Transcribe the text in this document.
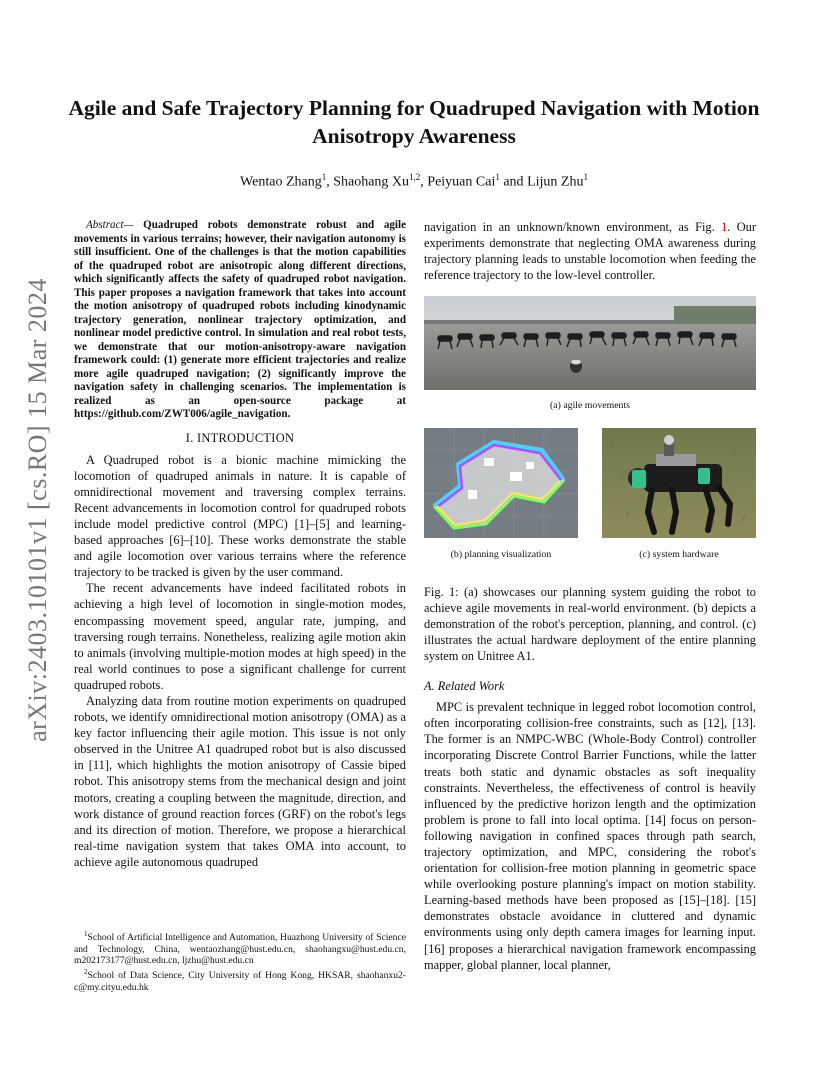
arXiv:2403.10101v1 [cs.RO] 15 Mar 2024
Agile and Safe Trajectory Planning for Quadruped Navigation with Motion Anisotropy Awareness

Wentao Zhang$^1$, Shaohang Xu$^{1,2}$, Peiyuan Cai$^1$ and Lijun Zhu$^1$

Abstract— Quadruped robots demonstrate robust and agile movements in various terrains; however, their navigation autonomy is still insufficient. One of the challenges is that the motion capabilities of the quadruped robot are anisotropic along different directions, which significantly affects the safety of quadruped robot navigation. This paper proposes a navigation framework that takes into account the motion anisotropy of quadruped robots including kinodynamic trajectory generation, nonlinear trajectory optimization, and nonlinear model predictive control. In simulation and real robot tests, we demonstrate that our motion-anisotropy-aware navigation framework could: (1) generate more efficient trajectories and realize more agile quadruped navigation; (2) significantly improve the navigation safety in challenging scenarios. The implementation is realized as an open-source package at https://github.com/ZWT006/agile_navigation.

I. INTRODUCTION

A Quadruped robot is a bionic machine mimicking the locomotion of quadruped animals in nature. It is capable of omnidirectional movement and traversing complex terrains. Recent advancements in locomotion control for quadruped robots include model predictive control (MPC) [1]–[5] and learning-based approaches [6]–[10]. These works demonstrate the stable and agile locomotion over various terrains where the reference trajectory to be tracked is given by the user command.

The recent advancements have indeed facilitated robots in achieving a high level of locomotion in single-motion modes, encompassing movement speed, angular rate, jumping, and traversing rough terrains. Nonetheless, realizing agile motion akin to animals (involving multiple-motion modes at high speed) in the real world continues to pose a significant challenge for current quadruped robots.

Analyzing data from routine motion experiments on quadruped robots, we identify omnidirectional motion anisotropy (OMA) as a key factor influencing their agile motion. This issue is not only observed in the Unitree A1 quadruped robot but is also discussed in [11], which highlights the motion anisotropy of Cassie biped robot. This anisotropy stems from the mechanical design and joint motors, creating a coupling between the magnitude, direction, and work distance of ground reaction forces (GRF) on the robot's legs and its direction of motion. Therefore, we propose a hierarchical real-time navigation system that takes OMA into account, to achieve agile autonomous quadruped

$^1$School of Artificial Intelligence and Automation, Huazhong University of Science and Technology, China, wentaozhang@hust.edu.cn, shaohangxu@hust.edu.cn, m202173177@hust.edu.cn, ljzhu@hust.edu.cn

$^2$School of Data Science, City University of Hong Kong, HKSAR, shaohanxu2-c@my.cityu.edu.hk

navigation in an unknown/known environment, as Fig. 1. Our experiments demonstrate that neglecting OMA awareness during trajectory planning leads to unstable locomotion when feeding the reference trajectory to the low-level controller.

(a) agile movements
(b) planning visualization	(c) system hardware

Fig. 1: (a) showcases our planning system guiding the robot to achieve agile movements in real-world environment. (b) depicts a demonstration of the robot's perception, planning, and control. (c) illustrates the actual hardware deployment of the entire planning system on Unitree A1.

A. Related Work

MPC is prevalent technique in legged robot locomotion control, often incorporating collision-free constraints, such as [12], [13]. The former is an NMPC-WBC (Whole-Body Control) controller incorporating Discrete Control Barrier Functions, while the latter treats both static and dynamic obstacles as soft inequality constraints. Nevertheless, the effectiveness of control is heavily influenced by the predictive horizon length and the optimization problem is prone to fall into local optima. [14] focus on person-following navigation in confined spaces through path search, trajectory optimization, and MPC, considering the robot's orientation for collision-free motion planning in geometric space while overlooking posture planning's impact on motion stability. Learning-based methods have been proposed as [15]–[18]. [15] demonstrates obstacle avoidance in cluttered and dynamic environments using only depth camera images for learning input. [16] proposes a hierarchical navigation framework encompassing mapper, global planner, local planner,
